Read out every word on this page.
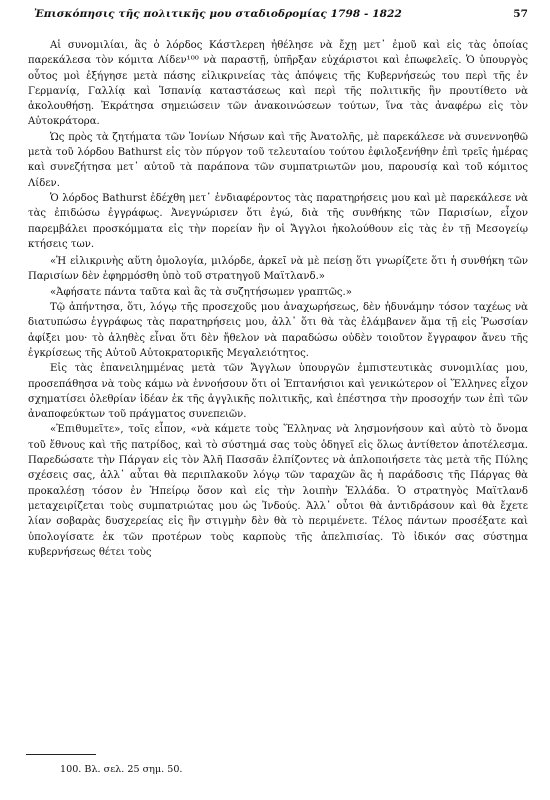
Ἐπισκόπησις τῆς πολιτικῆς μου σταδιοδρομίας 1798 - 1822	57

Αἱ συνομιλίαι, ἃς ὁ λόρδος Κάστλερεη ἠθέλησε νὰ ἔχῃ μετ᾽ ἐμοῦ καὶ εἰς τὰς ὁποίας παρεκάλεσα τὸν κόμιτα Λίδεν¹⁰⁰ νὰ παραστῇ, ὑπῆρξαν εὐχάριστοι καὶ ἐπωφελεῖς. Ὁ ὑπουργὸς οὗτος μοὶ ἐξήγησε μετὰ πάσης εἰλικρινείας τὰς ἀπόψεις τῆς Κυβερνήσεώς του περὶ τῆς ἐν Γερμανίᾳ, Γαλλίᾳ καὶ Ἱσπανίᾳ καταστάσεως καὶ περὶ τῆς πολιτικῆς ἣν προυτίθετο νὰ ἀκολουθήσῃ. Ἐκράτησα σημειώσειν τῶν ἀνακοινώσεων τούτων, ἵνα τὰς ἀναφέρω εἰς τὸν Αὐτοκράτορα.

Ὡς πρὸς τὰ ζητήματα τῶν Ἰονίων Νήσων καὶ τῆς Ἀνατολῆς, μὲ παρεκάλεσε νὰ συνεννοηθῶ μετὰ τοῦ λόρδου Bathurst εἰς τὸν πύργον τοῦ τελευταίου τούτου ἐφιλοξενήθην ἐπὶ τρεῖς ἡμέρας καὶ συνεζήτησα μετ᾽ αὐτοῦ τὰ παράπονα τῶν συμπατριωτῶν μου, παρουσίᾳ καὶ τοῦ κόμιτος Λίδεν.

Ὁ λόρδος Bathurst ἐδέχθη μετ᾽ ἐνδιαφέροντος τὰς παρατηρήσεις μου καὶ μὲ παρεκάλεσε νὰ τὰς ἐπιδώσω ἐγγράφως. Ἀνεγνώρισεν ὅτι ἐγώ, διὰ τῆς συνθήκης τῶν Παρισίων, εἶχον παρεμβάλει προσκόμματα εἰς τὴν πορείαν ἣν οἱ Ἄγγλοι ἠκολούθουν εἰς τὰς ἐν τῇ Μεσογείῳ κτήσεις των.

«Ἡ εἰλικρινὴς αὕτη ὁμολογία, μιλόρδε, ἀρκεῖ νὰ μὲ πείσῃ ὅτι γνωρίζετε ὅτι ἡ συνθήκη τῶν Παρισίων δὲν ἐφηρμόσθη ὑπὸ τοῦ στρατηγοῦ Μαϊτλανδ.»

«Ἀφήσατε πάντα ταῦτα καὶ ἃς τὰ συζητήσωμεν γραπτῶς.»

Τῷ ἀπήντησα, ὅτι, λόγῳ τῆς προσεχοῦς μου ἀναχωρήσεως, δὲν ἠδυνάμην τόσον ταχέως νὰ διατυπώσω ἐγγράφως τὰς παρατηρήσεις μου, ἀλλ᾽ ὅτι θὰ τὰς ἐλάμβανεν ἅμα τῇ εἰς Ῥωσσίαν ἀφίξει μου· τὸ ἀληθὲς εἶναι ὅτι δὲν ἤθελον νὰ παραδώσω οὐδὲν τοιοῦτον ἔγγραφον ἄνευ τῆς ἐγκρίσεως τῆς Αὐτοῦ Αὐτοκρατορικῆς Μεγαλειότητος.

Εἰς τὰς ἐπανειλημμένας μετὰ τῶν Ἄγγλων ὑπουργῶν ἐμπιστευτικὰς συνομιλίας μου, προσεπάθησα νὰ τοὺς κάμω νὰ ἐννοήσουν ὅτι οἱ Ἑπτανήσιοι καὶ γενικώτερον οἱ Ἕλληνες εἶχον σχηματίσει ὀλεθρίαν ἰδέαν ἐκ τῆς ἀγγλικῆς πολιτικῆς, καὶ ἐπέστησα τὴν προσοχήν των ἐπὶ τῶν ἀναποφεύκτων τοῦ πράγματος συνεπειῶν.

«Ἐπιθυμεῖτε», τοῖς εἶπον, «νὰ κάμετε τοὺς Ἕλληνας νὰ λησμονήσουν καὶ αὐτὸ τὸ ὄνομα τοῦ ἔθνους καὶ τῆς πατρίδος, καὶ τὸ σύστημά σας τοὺς ὁδηγεῖ εἰς ὅλως ἀντίθετον ἀποτέλεσμα. Παρεδώσατε τὴν Πάργαν εἰς τὸν Ἀλῆ Πασσᾶν ἐλπίζοντες νὰ ἀπλοποιήσετε τὰς μετὰ τῆς Πύλης σχέσεις σας, ἀλλ᾽ αὗται θὰ περιπλακοῦν λόγῳ τῶν ταραχῶν ἃς ἡ παράδοσις τῆς Πάργας θὰ προκαλέσῃ τόσον ἐν Ἠπείρῳ ὅσον καὶ εἰς τὴν λοιπὴν Ἑλλάδα. Ὁ στρατηγὸς Μαϊτλανδ μεταχειρίζεται τοὺς συμπατριώτας μου ὡς Ἰνδούς. Ἀλλ᾽ οὗτοι θὰ ἀντιδράσουν καὶ θὰ ἔχετε λίαν σοβαρὰς δυσχερείας εἰς ἣν στιγμὴν δὲν θὰ τὸ περιμένετε. Τέλος πάντων προσέξατε καὶ ὑπολογίσατε ἐκ τῶν προτέρων τοὺς καρποὺς τῆς ἀπελπισίας. Τὸ ἰδικόν σας σύστημα κυβερνήσεως θέτει τοὺς

100. Βλ. σελ. 25 σημ. 50.
